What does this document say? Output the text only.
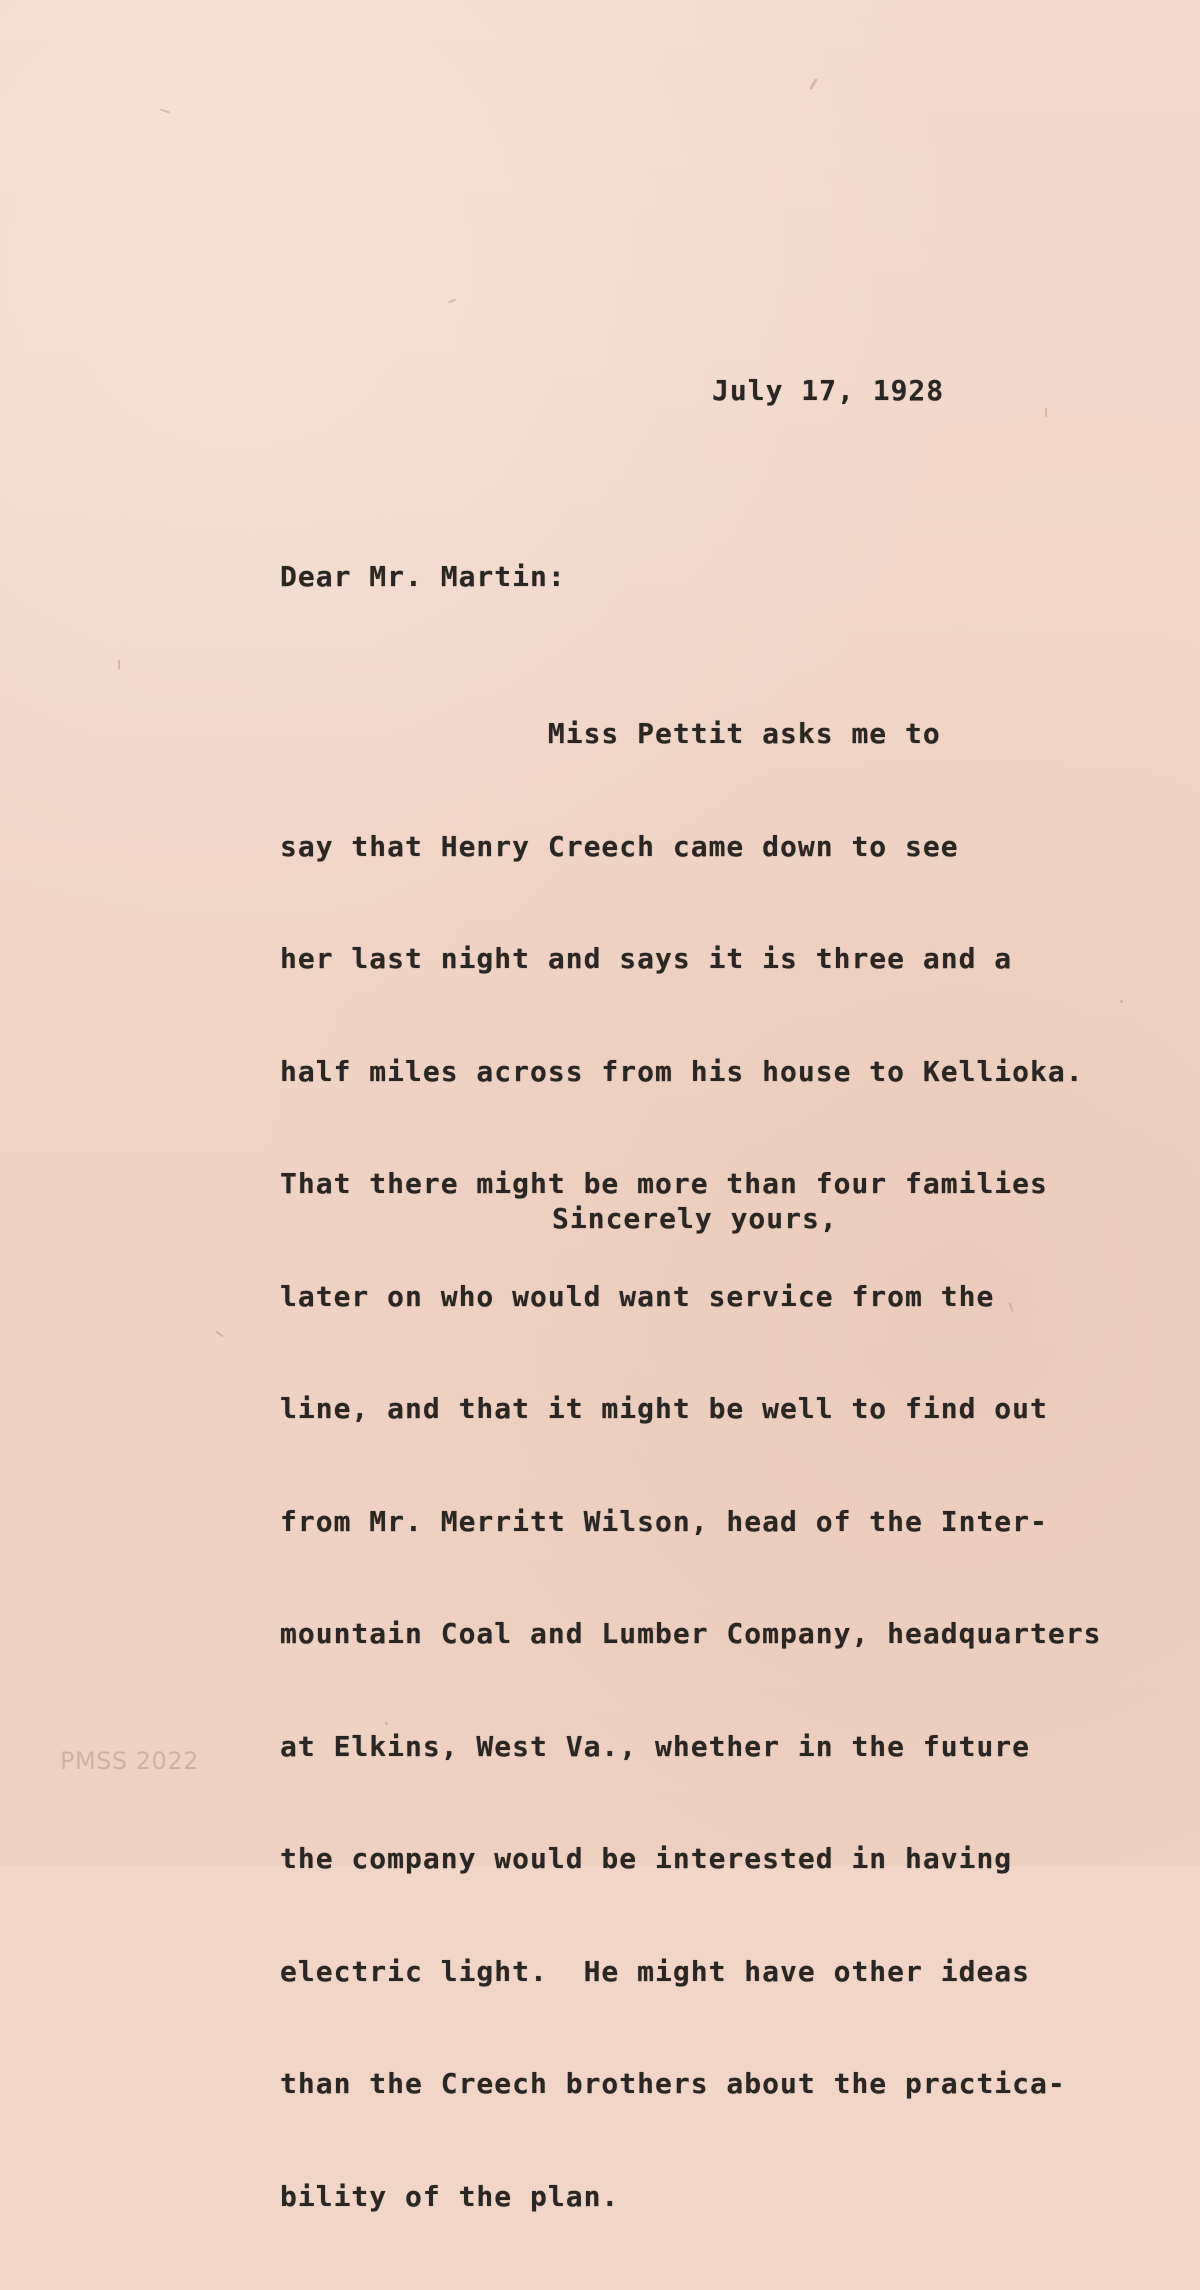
July 17, 1928
Dear Mr. Martin:

Miss Pettit asks me to

say that Henry Creech came down to see

her last night and says it is three and a

half miles across from his house to Kellioka.

That there might be more than four families

later on who would want service from the

line, and that it might be well to find out

from Mr. Merritt Wilson, head of the Inter-

mountain Coal and Lumber Company, headquarters

at Elkins, West Va., whether in the future

the company would be interested in having

electric light.  He might have other ideas

than the Creech brothers about the practica-

bility of the plan.

Sincerely yours,
PMSS 2022
